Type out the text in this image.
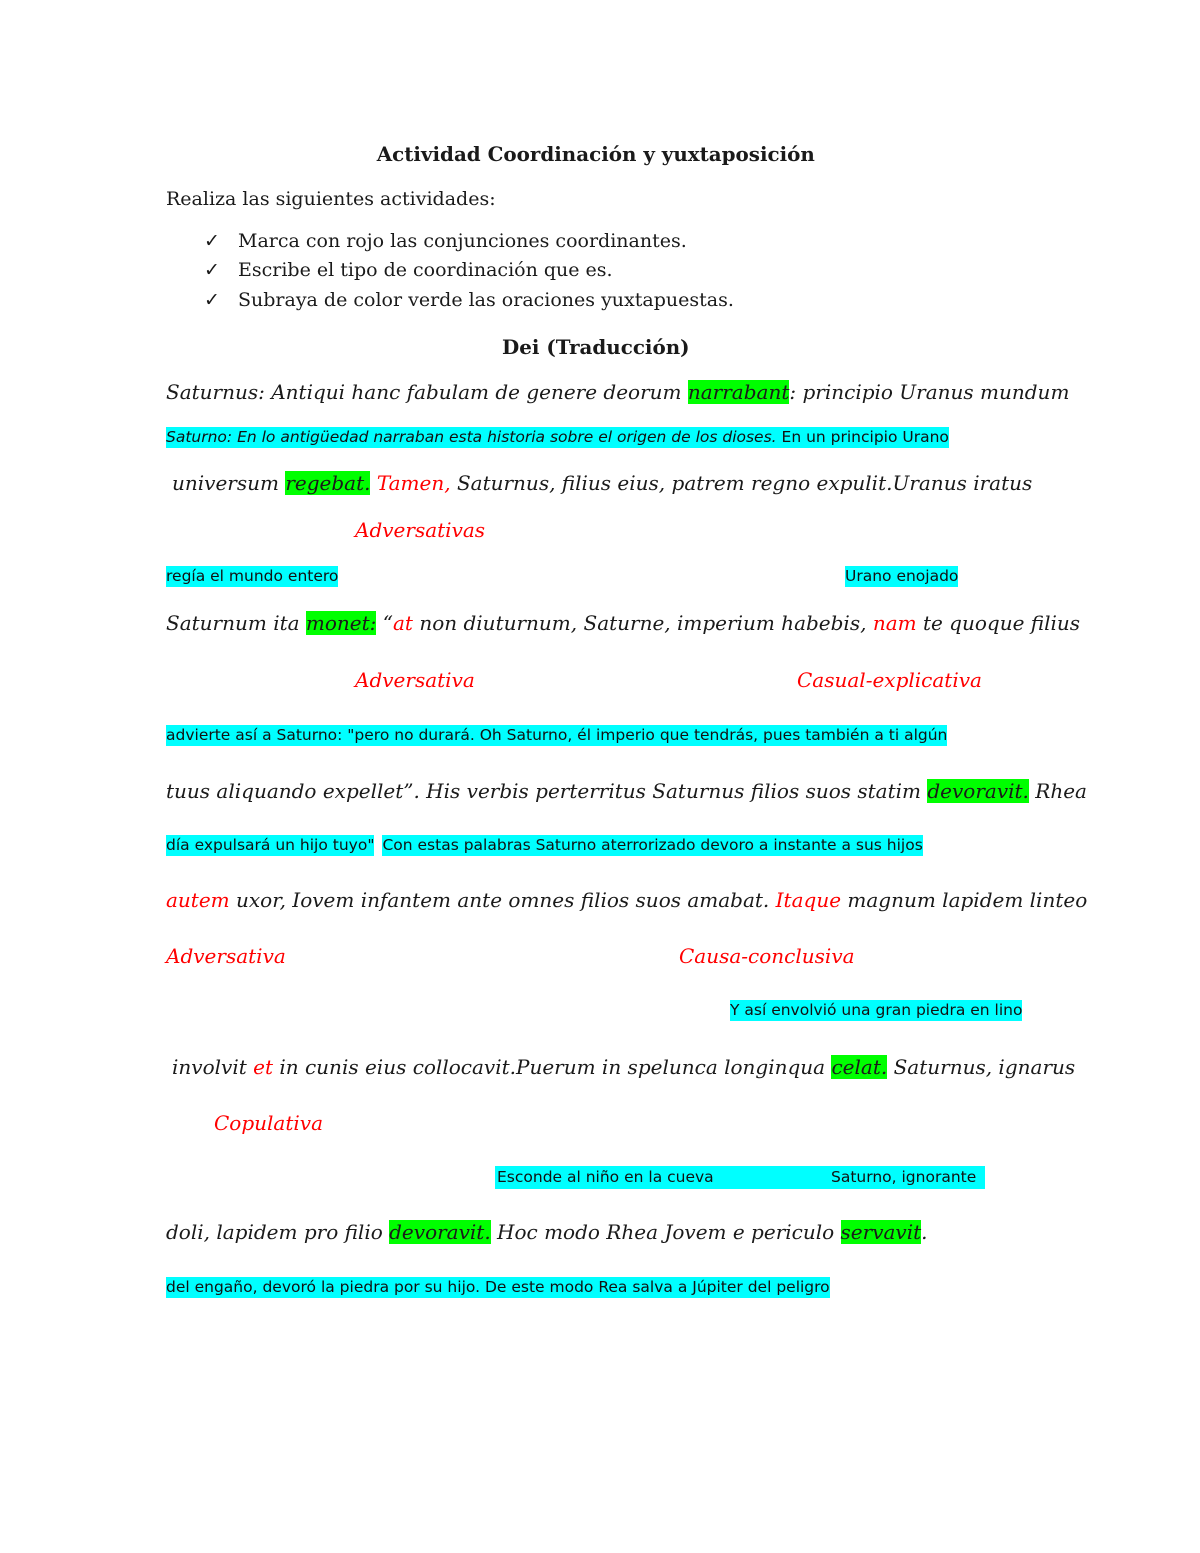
Actividad Coordinación y yuxtaposición
Realiza las siguientes actividades:
✓ Marca con rojo las conjunciones coordinantes.
✓ Escribe el tipo de coordinación que es.
✓ Subraya de color verde las oraciones yuxtapuestas.
Dei (Traducción)
Saturnus: Antiqui hanc fabulam de genere deorum narrabant: principio Uranus mundum
Saturno: En lo antigüedad narraban esta historia sobre el origen de los dioses. En un principio Urano
universum regebat. Tamen, Saturnus, filius eius, patrem regno expulit.Uranus iratus
Adversativas
regía el mundo entero	Urano enojado
Saturnum ita monet: “at non diuturnum, Saturne, imperium habebis, nam te quoque filius
Adversativa	Casual-explicativa
advierte así a Saturno: "pero no durará. Oh Saturno, él imperio que tendrás, pues también a ti algún
tuus aliquando expellet”. His verbis perterritus Saturnus filios suos statim devoravit. Rhea
día expulsará un hijo tuyo" Con estas palabras Saturno aterrorizado devoro a instante a sus hijos
autem uxor, Iovem infantem ante omnes filios suos amabat. Itaque magnum lapidem linteo
Adversativa	Causa-conclusiva
Y así envolvió una gran piedra en lino
involvit et in cunis eius collocavit.Puerum in spelunca longinqua celat. Saturnus, ignarus
Copulativa
Esconde al niño en la cueva	Saturno, ignorante
doli, lapidem pro filio devoravit. Hoc modo Rhea Jovem e periculo servavit.
del engaño, devoró la piedra por su hijo. De este modo Rea salva a Júpiter del peligro
